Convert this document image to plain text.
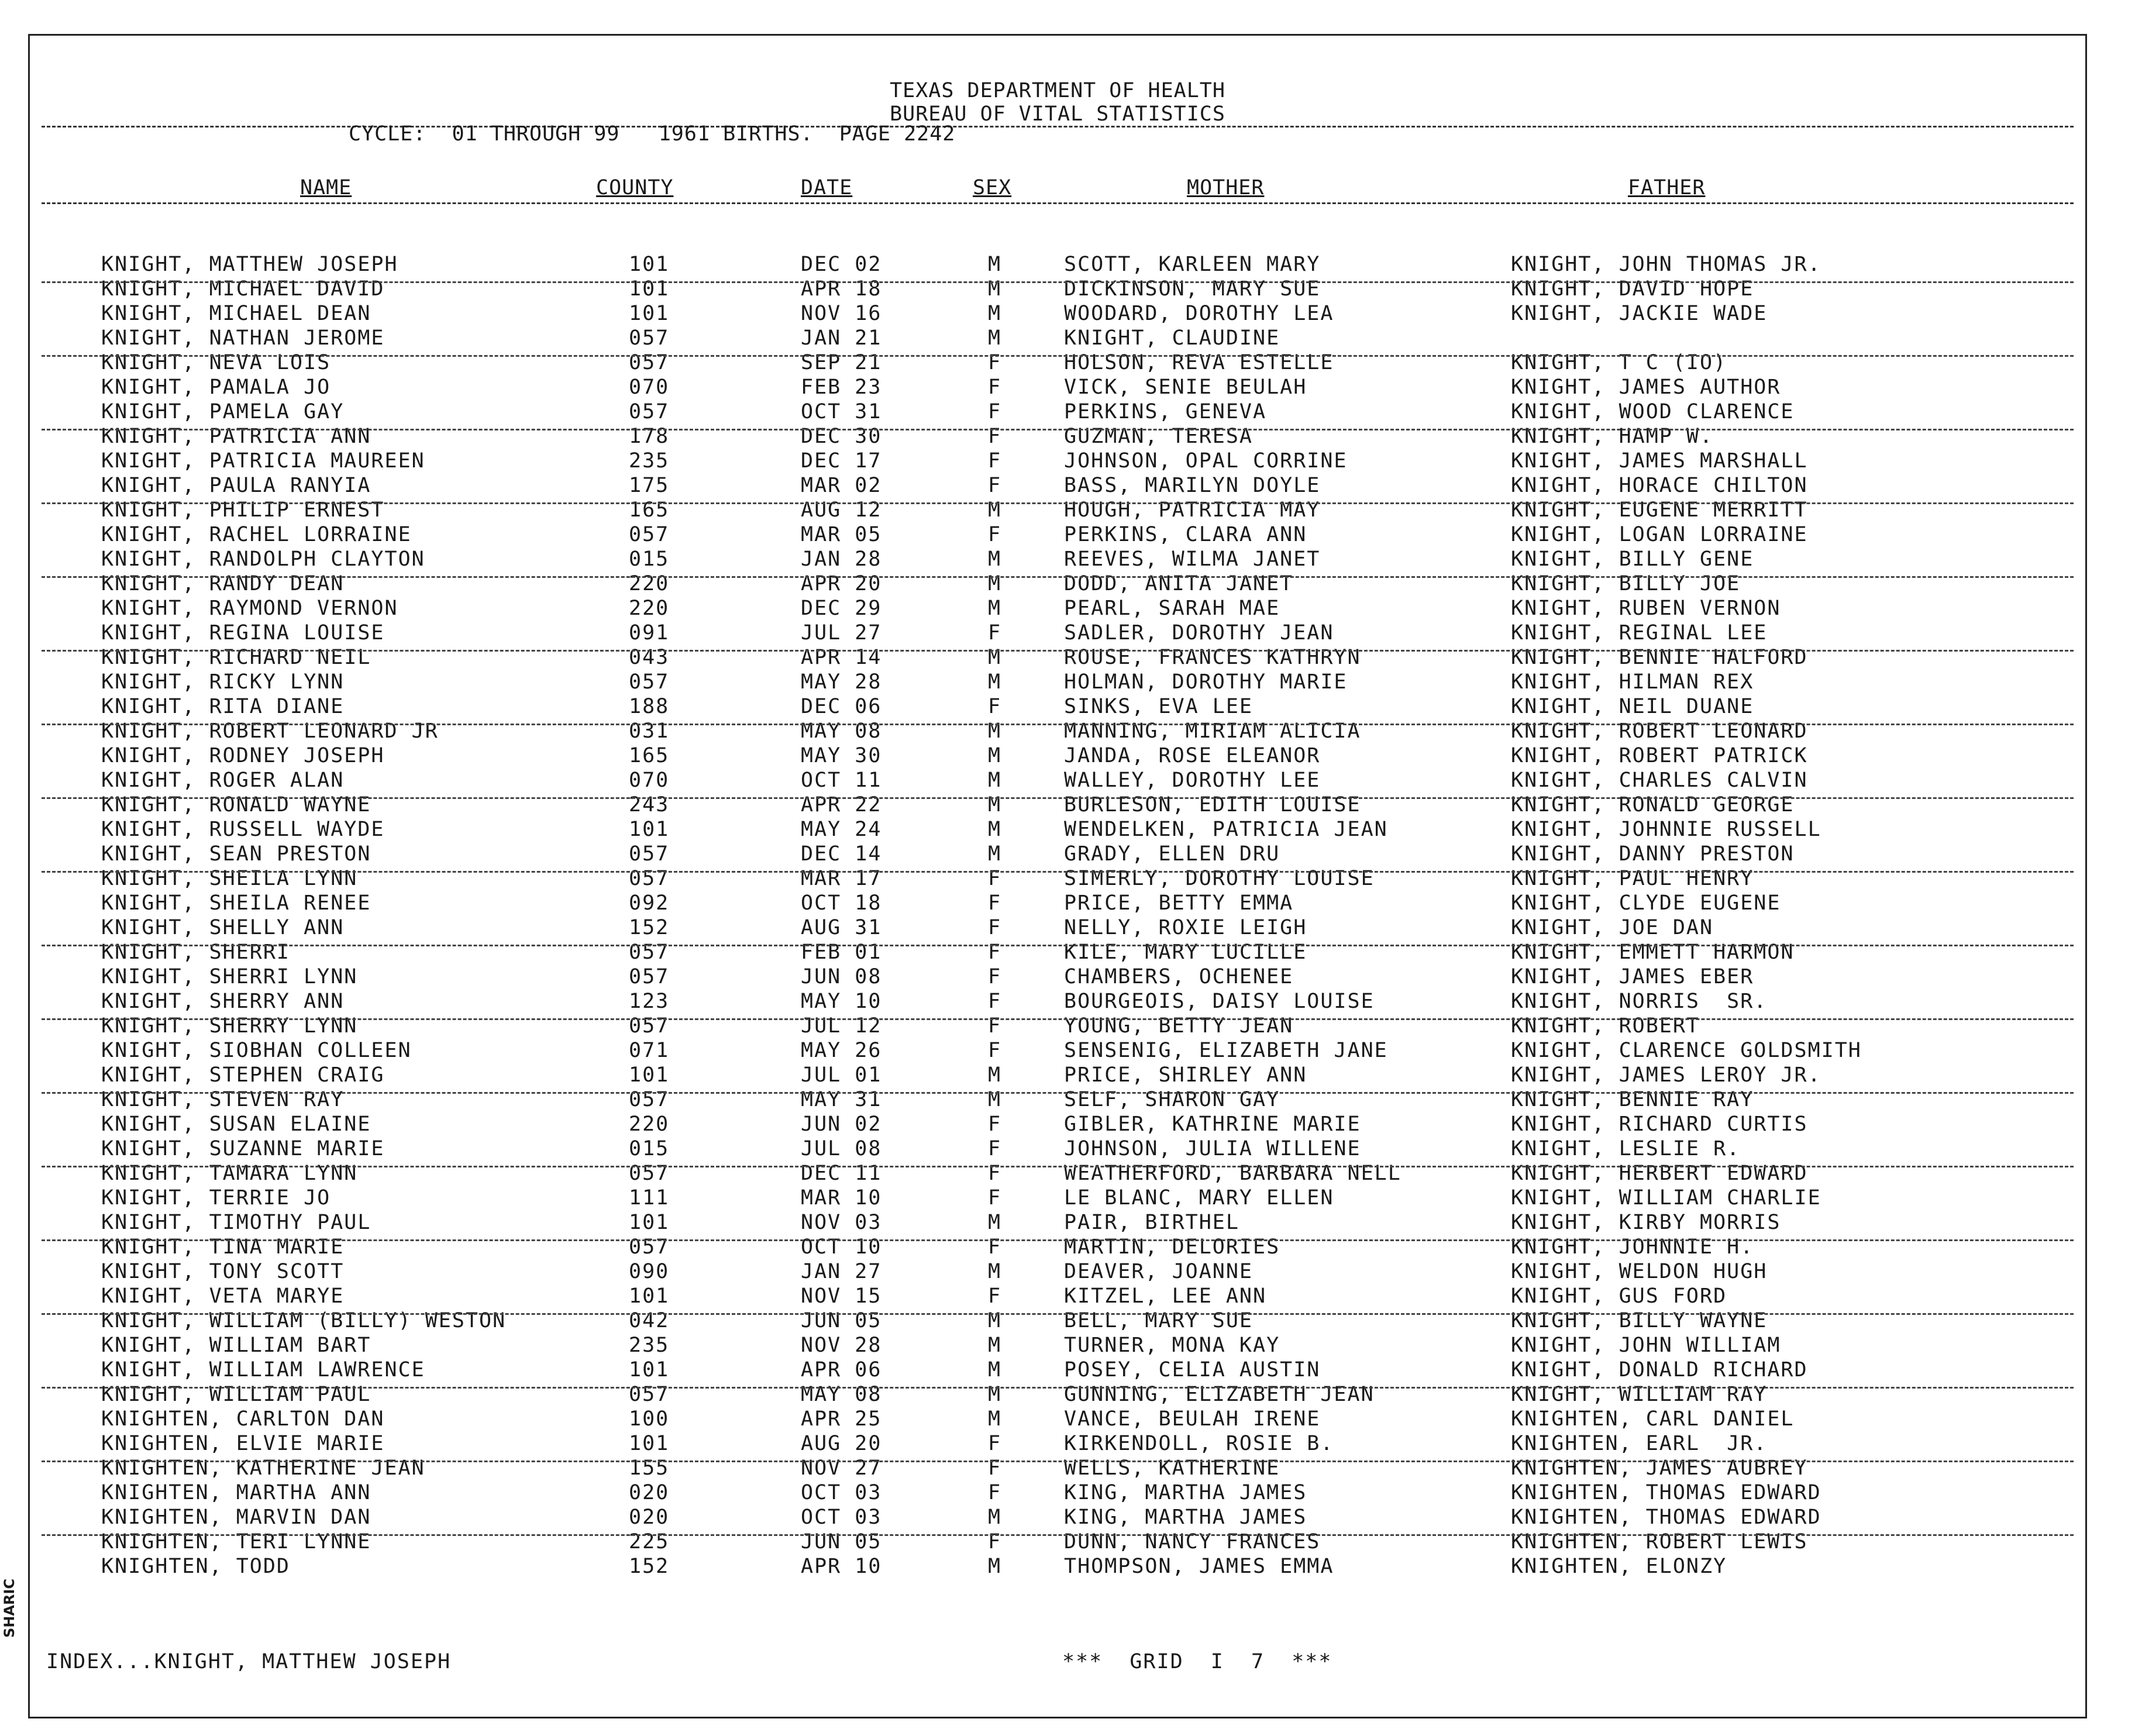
TEXAS DEPARTMENT OF HEALTH
BUREAU OF VITAL STATISTICS
CYCLE:  01 THROUGH 99   1961 BIRTHS.  PAGE 2242
NAME	COUNTY	DATE	SEX	MOTHER	FATHER
KNIGHT, MATTHEW JOSEPH	101	DEC 02	M	SCOTT, KARLEEN MARY	KNIGHT, JOHN THOMAS JR.
KNIGHT, MICHAEL DAVID	101	APR 18	M	DICKINSON, MARY SUE	KNIGHT, DAVID HOPE
KNIGHT, MICHAEL DEAN	101	NOV 16	M	WOODARD, DOROTHY LEA	KNIGHT, JACKIE WADE
KNIGHT, NATHAN JEROME	057	JAN 21	M	KNIGHT, CLAUDINE
KNIGHT, NEVA LOIS	057	SEP 21	F	HOLSON, REVA ESTELLE	KNIGHT, T C (IO)
KNIGHT, PAMALA JO	070	FEB 23	F	VICK, SENIE BEULAH	KNIGHT, JAMES AUTHOR
KNIGHT, PAMELA GAY	057	OCT 31	F	PERKINS, GENEVA	KNIGHT, WOOD CLARENCE
KNIGHT, PATRICIA ANN	178	DEC 30	F	GUZMAN, TERESA	KNIGHT, HAMP W.
KNIGHT, PATRICIA MAUREEN	235	DEC 17	F	JOHNSON, OPAL CORRINE	KNIGHT, JAMES MARSHALL
KNIGHT, PAULA RANYIA	175	MAR 02	F	BASS, MARILYN DOYLE	KNIGHT, HORACE CHILTON
KNIGHT, PHILIP ERNEST	165	AUG 12	M	HOUGH, PATRICIA MAY	KNIGHT, EUGENE MERRITT
KNIGHT, RACHEL LORRAINE	057	MAR 05	F	PERKINS, CLARA ANN	KNIGHT, LOGAN LORRAINE
KNIGHT, RANDOLPH CLAYTON	015	JAN 28	M	REEVES, WILMA JANET	KNIGHT, BILLY GENE
KNIGHT, RANDY DEAN	220	APR 20	M	DODD, ANITA JANET	KNIGHT, BILLY JOE
KNIGHT, RAYMOND VERNON	220	DEC 29	M	PEARL, SARAH MAE	KNIGHT, RUBEN VERNON
KNIGHT, REGINA LOUISE	091	JUL 27	F	SADLER, DOROTHY JEAN	KNIGHT, REGINAL LEE
KNIGHT, RICHARD NEIL	043	APR 14	M	ROUSE, FRANCES KATHRYN	KNIGHT, BENNIE HALFORD
KNIGHT, RICKY LYNN	057	MAY 28	M	HOLMAN, DOROTHY MARIE	KNIGHT, HILMAN REX
KNIGHT, RITA DIANE	188	DEC 06	F	SINKS, EVA LEE	KNIGHT, NEIL DUANE
KNIGHT, ROBERT LEONARD JR	031	MAY 08	M	MANNING, MIRIAM ALICIA	KNIGHT, ROBERT LEONARD
KNIGHT, RODNEY JOSEPH	165	MAY 30	M	JANDA, ROSE ELEANOR	KNIGHT, ROBERT PATRICK
KNIGHT, ROGER ALAN	070	OCT 11	M	WALLEY, DOROTHY LEE	KNIGHT, CHARLES CALVIN
KNIGHT, RONALD WAYNE	243	APR 22	M	BURLESON, EDITH LOUISE	KNIGHT, RONALD GEORGE
KNIGHT, RUSSELL WAYDE	101	MAY 24	M	WENDELKEN, PATRICIA JEAN	KNIGHT, JOHNNIE RUSSELL
KNIGHT, SEAN PRESTON	057	DEC 14	M	GRADY, ELLEN DRU	KNIGHT, DANNY PRESTON
KNIGHT, SHEILA LYNN	057	MAR 17	F	SIMERLY, DOROTHY LOUISE	KNIGHT, PAUL HENRY
KNIGHT, SHEILA RENEE	092	OCT 18	F	PRICE, BETTY EMMA	KNIGHT, CLYDE EUGENE
KNIGHT, SHELLY ANN	152	AUG 31	F	NELLY, ROXIE LEIGH	KNIGHT, JOE DAN
KNIGHT, SHERRI	057	FEB 01	F	KILE, MARY LUCILLE	KNIGHT, EMMETT HARMON
KNIGHT, SHERRI LYNN	057	JUN 08	F	CHAMBERS, OCHENEE	KNIGHT, JAMES EBER
KNIGHT, SHERRY ANN	123	MAY 10	F	BOURGEOIS, DAISY LOUISE	KNIGHT, NORRIS  SR.
KNIGHT, SHERRY LYNN	057	JUL 12	F	YOUNG, BETTY JEAN	KNIGHT, ROBERT
KNIGHT, SIOBHAN COLLEEN	071	MAY 26	F	SENSENIG, ELIZABETH JANE	KNIGHT, CLARENCE GOLDSMITH
KNIGHT, STEPHEN CRAIG	101	JUL 01	M	PRICE, SHIRLEY ANN	KNIGHT, JAMES LEROY JR.
KNIGHT, STEVEN RAY	057	MAY 31	M	SELF, SHARON GAY	KNIGHT, BENNIE RAY
KNIGHT, SUSAN ELAINE	220	JUN 02	F	GIBLER, KATHRINE MARIE	KNIGHT, RICHARD CURTIS
KNIGHT, SUZANNE MARIE	015	JUL 08	F	JOHNSON, JULIA WILLENE	KNIGHT, LESLIE R.
KNIGHT, TAMARA LYNN	057	DEC 11	F	WEATHERFORD, BARBARA NELL	KNIGHT, HERBERT EDWARD
KNIGHT, TERRIE JO	111	MAR 10	F	LE BLANC, MARY ELLEN	KNIGHT, WILLIAM CHARLIE
KNIGHT, TIMOTHY PAUL	101	NOV 03	M	PAIR, BIRTHEL	KNIGHT, KIRBY MORRIS
KNIGHT, TINA MARIE	057	OCT 10	F	MARTIN, DELORIES	KNIGHT, JOHNNIE H.
KNIGHT, TONY SCOTT	090	JAN 27	M	DEAVER, JOANNE	KNIGHT, WELDON HUGH
KNIGHT, VETA MARYE	101	NOV 15	F	KITZEL, LEE ANN	KNIGHT, GUS FORD
KNIGHT, WILLIAM (BILLY) WESTON	042	JUN 05	M	BELL, MARY SUE	KNIGHT, BILLY WAYNE
KNIGHT, WILLIAM BART	235	NOV 28	M	TURNER, MONA KAY	KNIGHT, JOHN WILLIAM
KNIGHT, WILLIAM LAWRENCE	101	APR 06	M	POSEY, CELIA AUSTIN	KNIGHT, DONALD RICHARD
KNIGHT, WILLIAM PAUL	057	MAY 08	M	GUNNING, ELIZABETH JEAN	KNIGHT, WILLIAM RAY
KNIGHTEN, CARLTON DAN	100	APR 25	M	VANCE, BEULAH IRENE	KNIGHTEN, CARL DANIEL
KNIGHTEN, ELVIE MARIE	101	AUG 20	F	KIRKENDOLL, ROSIE B.	KNIGHTEN, EARL  JR.
KNIGHTEN, KATHERINE JEAN	155	NOV 27	F	WELLS, KATHERINE	KNIGHTEN, JAMES AUBREY
KNIGHTEN, MARTHA ANN	020	OCT 03	F	KING, MARTHA JAMES	KNIGHTEN, THOMAS EDWARD
KNIGHTEN, MARVIN DAN	020	OCT 03	M	KING, MARTHA JAMES	KNIGHTEN, THOMAS EDWARD
KNIGHTEN, TERI LYNNE	225	JUN 05	F	DUNN, NANCY FRANCES	KNIGHTEN, ROBERT LEWIS
KNIGHTEN, TODD	152	APR 10	M	THOMPSON, JAMES EMMA	KNIGHTEN, ELONZY
INDEX...KNIGHT, MATTHEW JOSEPH	***  GRID  I  7  ***
SHARIC
